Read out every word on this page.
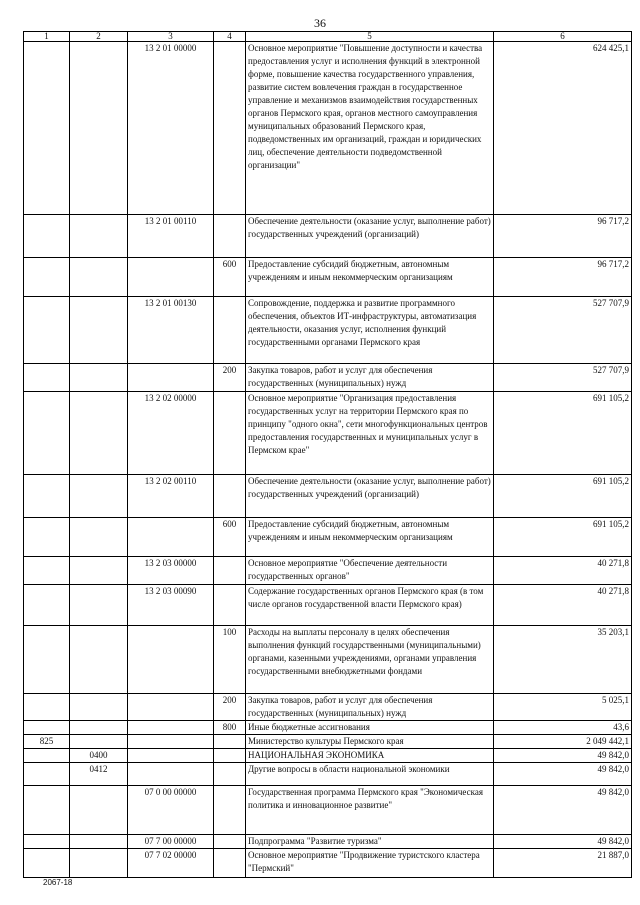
36
1	2	3	4	5	6
		13 2 01 00000		Основное мероприятие "Повышение доступности и качества предоставления услуг и исполнения функций в электронной форме, повышение качества государственного управления, развитие систем вовлечения граждан в государственное управление и механизмов взаимодействия государственных органов Пермского края, органов местного самоуправления муниципальных образований Пермского края, подведомственных им организаций, граждан и юридических лиц, обеспечение деятельности подведомственной организации"	624 425,1
		13 2 01 00110		Обеспечение деятельности (оказание услуг, выполнение работ) государственных учреждений (организаций)	96 717,2
			600	Предоставление субсидий бюджетным, автономным учреждениям и иным некоммерческим организациям	96 717,2
		13 2 01 00130		Сопровождение, поддержка и развитие программного обеспечения, объектов ИТ-инфраструктуры, автоматизация деятельности, оказания услуг, исполнения функций государственными органами Пермского края	527 707,9
			200	Закупка товаров, работ и услуг для обеспечения государственных (муниципальных) нужд	527 707,9
		13 2 02 00000		Основное мероприятие "Организация предоставления государственных услуг на территории Пермского края по принципу "одного окна", сети многофункциональных центров предоставления государственных и муниципальных услуг в Пермском крае"	691 105,2
		13 2 02 00110		Обеспечение деятельности (оказание услуг, выполнение работ) государственных учреждений (организаций)	691 105,2
			600	Предоставление субсидий бюджетным, автономным учреждениям и иным некоммерческим организациям	691 105,2
		13 2 03 00000		Основное мероприятие "Обеспечение деятельности государственных органов"	40 271,8
		13 2 03 00090		Содержание государственных органов Пермского края (в том числе органов государственной власти Пермского края)	40 271,8
			100	Расходы на выплаты персоналу в целях обеспечения выполнения функций государственными (муниципальными) органами, казенными учреждениями, органами управления государственными внебюджетными фондами	35 203,1
			200	Закупка товаров, работ и услуг для обеспечения государственных (муниципальных) нужд	5 025,1
			800	Иные бюджетные ассигнования	43,6
825				Министерство культуры Пермского края	2 049 442,1
	0400			НАЦИОНАЛЬНАЯ ЭКОНОМИКА	49 842,0
	0412			Другие вопросы в области национальной экономики	49 842,0
		07 0 00 00000		Государственная программа Пермского края "Экономическая политика и инновационное развитие"	49 842,0
		07 7 00 00000		Подпрограмма "Развитие туризма"	49 842,0
		07 7 02 00000		Основное мероприятие "Продвижение туристского кластера "Пермский"	21 887,0
2067-18
